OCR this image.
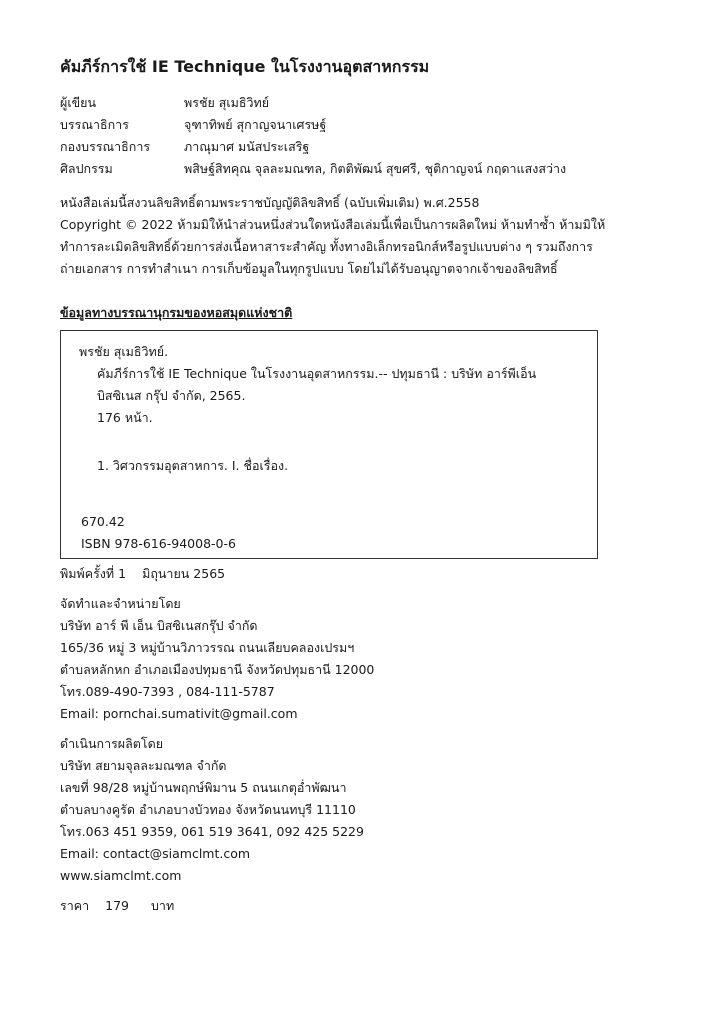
คัมภีร์การใช้ IE Technique ในโรงงานอุตสาหกรรม
ผู้เขียน	พรชัย สุเมธิวิทย์
บรรณาธิการ	จุฑาทิพย์ สุกาญจนาเศรษฐ์
กองบรรณาธิการ	ภาณุมาศ มนัสประเสริฐ
ศิลปกรรม	พสิษฐ์สิทคุณ จุลละมณฑล, กิตติพัฒน์ สุขศรี, ชุติกาญจน์ กฤดาแสงสว่าง

หนังสือเล่มนี้สงวนลิขสิทธิ์ตามพระราชบัญญัติลิขสิทธิ์ (ฉบับเพิ่มเติม) พ.ศ.2558

Copyright © 2022 ห้ามมิให้นำส่วนหนึ่งส่วนใดหนังสือเล่มนี้เพื่อเป็นการผลิตใหม่ ห้ามทำซ้ำ ห้ามมิให้

ทำการละเมิดลิขสิทธิ์ด้วยการส่งเนื้อหาสาระสำคัญ ทั้งทางอิเล็กทรอนิกส์หรือรูปแบบต่าง ๆ รวมถึงการ

ถ่ายเอกสาร การทำสำเนา การเก็บข้อมูลในทุกรูปแบบ โดยไม่ได้รับอนุญาตจากเจ้าของลิขสิทธิ์

ข้อมูลทางบรรณานุกรมของหอสมุดแห่งชาติ
พรชัย สุเมธิวิทย์.
คัมภีร์การใช้ IE Technique ในโรงงานอุตสาหกรรม.-- ปทุมธานี : บริษัท อาร์พีเอ็น
บิสซิเนส กรุ๊ป จำกัด, 2565.
176 หน้า.
1. วิศวกรรมอุตสาหการ. I. ชื่อเรื่อง.
670.42
ISBN 978-616-94008-0-6
พิมพ์ครั้งที่ 1 มิถุนายน 2565
จัดทำและจำหน่ายโดย
บริษัท อาร์ พี เอ็น บิสซิเนสกรุ๊ป จำกัด
165/36 หมู่ 3 หมู่บ้านวิภาวรรณ ถนนเลียบคลองเปรมฯ
ตำบลหลักหก อำเภอเมืองปทุมธานี จังหวัดปทุมธานี 12000
โทร.089-490-7393 , 084-111-5787
Email: pornchai.sumativit@gmail.com
ดำเนินการผลิตโดย
บริษัท สยามจุลละมณฑล จำกัด
เลขที่ 98/28 หมู่บ้านพฤกษ์พิมาน 5 ถนนเกตุอ่ำพัฒนา
ตำบลบางคูรัด อำเภอบางบัวทอง จังหวัดนนทบุรี 11110
โทร.063 451 9359, 061 519 3641, 092 425 5229
Email: contact@siamclmt.com
www.siamclmt.com
ราคา 179 บาท
